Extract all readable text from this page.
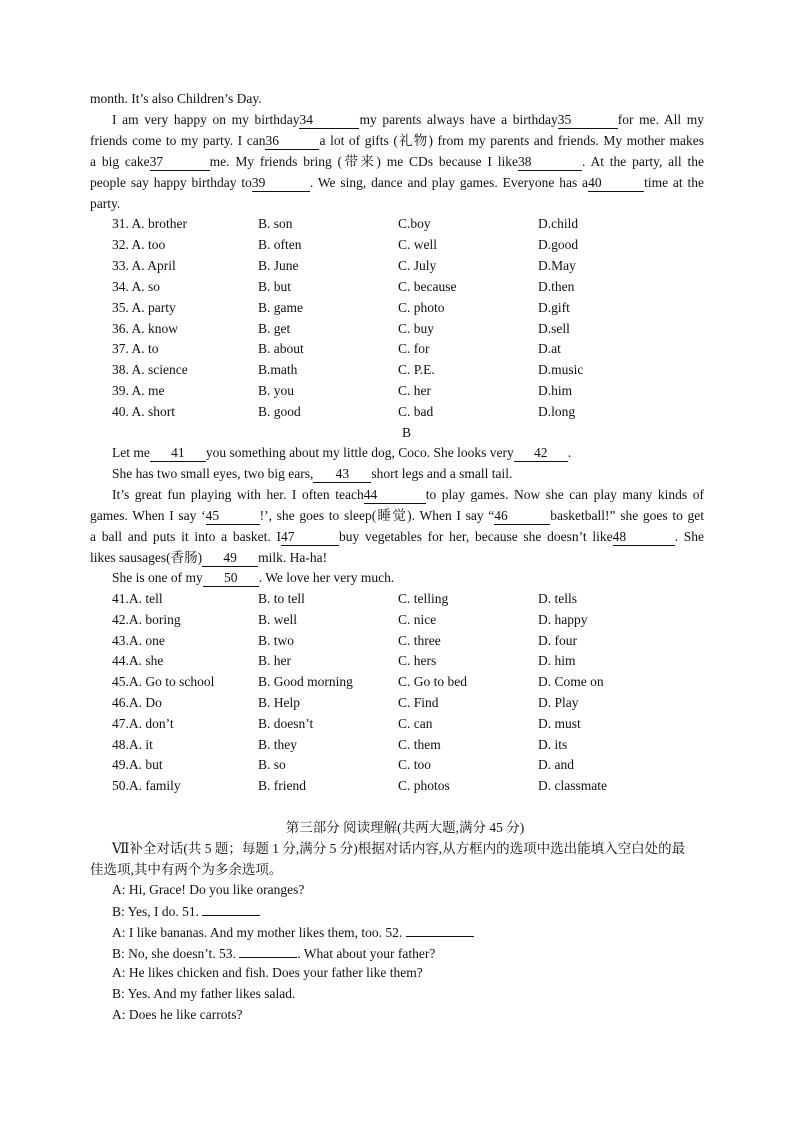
month. It’s also Children’s Day.
I am very happy on my birthday34	my parents always have a birthday35	for me. All my
friends come to my party. I can36	a lot of gifts (礼物) from my parents and friends. My mother makes
a big cake37	me. My friends bring (带来) me CDs because I like38	. At the party, all the
people say happy birthday to39	. We sing, dance and play games. Everyone has a40	time at the
party.
31. A. brother	B. son	C.boy	D.child
32. A. too	B. often	C. well	D.good
33. A. April	B. June	C. July	D.May
34. A. so	B. but	C. because	D.then
35. A. party	B. game	C. photo	D.gift
36. A. know	B. get	C. buy	D.sell
37. A. to	B. about	C. for	D.at
38. A. science	B.math	C. P.E.	D.music
39. A. me	B. you	C. her	D.him
40. A. short	B. good	C. bad	D.long
B
Let me 41 you something about my little dog, Coco. She looks very 42 .
She has two small eyes, two big ears, 43 short legs and a small tail.
It’s great fun playing with her. I often teach44	to play games. Now she can play many kinds of
games. When I say ‘45	!’, she goes to sleep(睡觉). When I say “46	basketball!” she goes to get
a ball and puts it into a basket. I47	buy vegetables for her, because she doesn’t like48	. She
likes sausages(香肠) 49 milk. Ha-ha!
She is one of my 50 . We love her very much.
41.A. tell	B. to tell	C. telling	D. tells
42.A. boring	B. well	C. nice	D. happy
43.A. one	B. two	C. three	D. four
44.A. she	B. her	C. hers	D. him
45.A. Go to school	B. Good morning	C. Go to bed	D. Come on
46.A. Do	B. Help	C. Find	D. Play
47.A. don’t	B. doesn’t	C. can	D. must
48.A. it	B. they	C. them	D. its
49.A. but	B. so	C. too	D. and
50.A. family	B. friend	C. photos	D. classmate
第三部分 阅读理解(共两大题,满分 45 分)
Ⅶ补全对话(共 5 题；每题 1 分,满分 5 分)根据对话内容,从方框内的选项中选出能填入空白处的最
佳选项,其中有两个为多余选项。
A: Hi, Grace! Do you like oranges?
B: Yes, I do. 51.
A: I like bananas. And my mother likes them, too. 52.
B: No, she doesn’t. 53.	. What about your father?
A: He likes chicken and fish. Does your father like them?
B: Yes. And my father likes salad.
A: Does he like carrots?
